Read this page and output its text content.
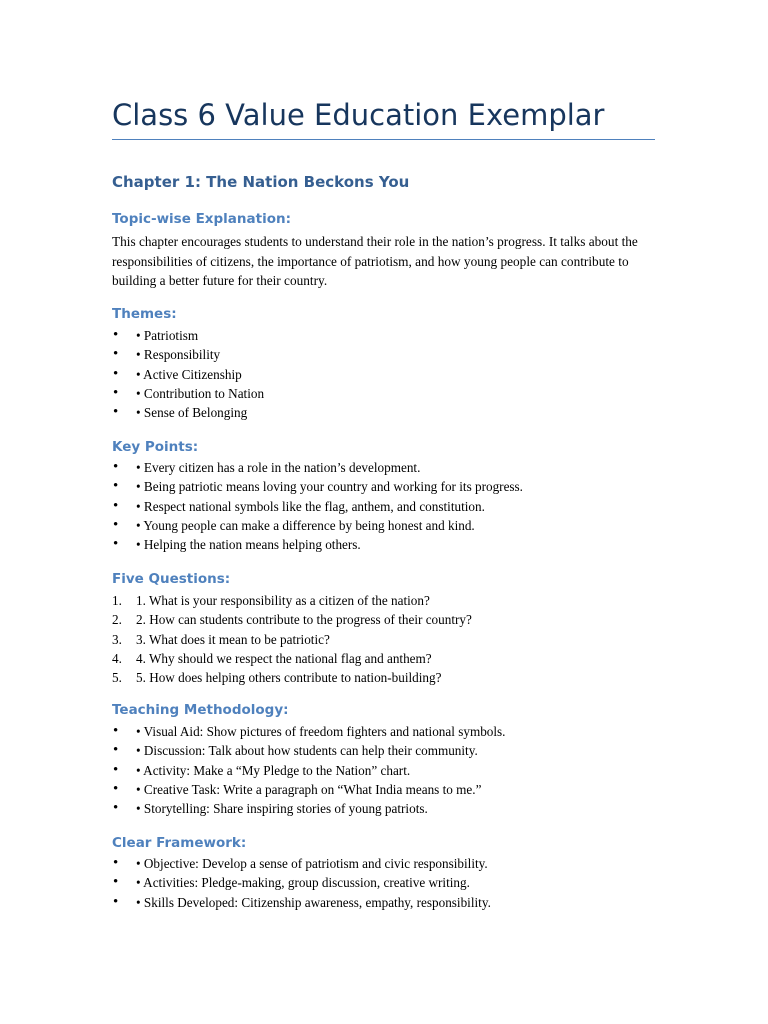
Class 6 Value Education Exemplar
Chapter 1: The Nation Beckons You
Topic-wise Explanation:

This chapter encourages students to understand their role in the nation’s progress. It talks about the responsibilities of citizens, the importance of patriotism, and how young people can contribute to building a better future for their country.

Themes:
•	• Patriotism
•	• Responsibility
•	• Active Citizenship
•	• Contribution to Nation
•	• Sense of Belonging
Key Points:
•	• Every citizen has a role in the nation’s development.
•	• Being patriotic means loving your country and working for its progress.
•	• Respect national symbols like the flag, anthem, and constitution.
•	• Young people can make a difference by being honest and kind.
•	• Helping the nation means helping others.
Five Questions:
1.	1. What is your responsibility as a citizen of the nation?
2.	2. How can students contribute to the progress of their country?
3.	3. What does it mean to be patriotic?
4.	4. Why should we respect the national flag and anthem?
5.	5. How does helping others contribute to nation-building?
Teaching Methodology:
•	• Visual Aid: Show pictures of freedom fighters and national symbols.
•	• Discussion: Talk about how students can help their community.
•	• Activity: Make a “My Pledge to the Nation” chart.
•	• Creative Task: Write a paragraph on “What India means to me.”
•	• Storytelling: Share inspiring stories of young patriots.
Clear Framework:
•	• Objective: Develop a sense of patriotism and civic responsibility.
•	• Activities: Pledge-making, group discussion, creative writing.
•	• Skills Developed: Citizenship awareness, empathy, responsibility.
